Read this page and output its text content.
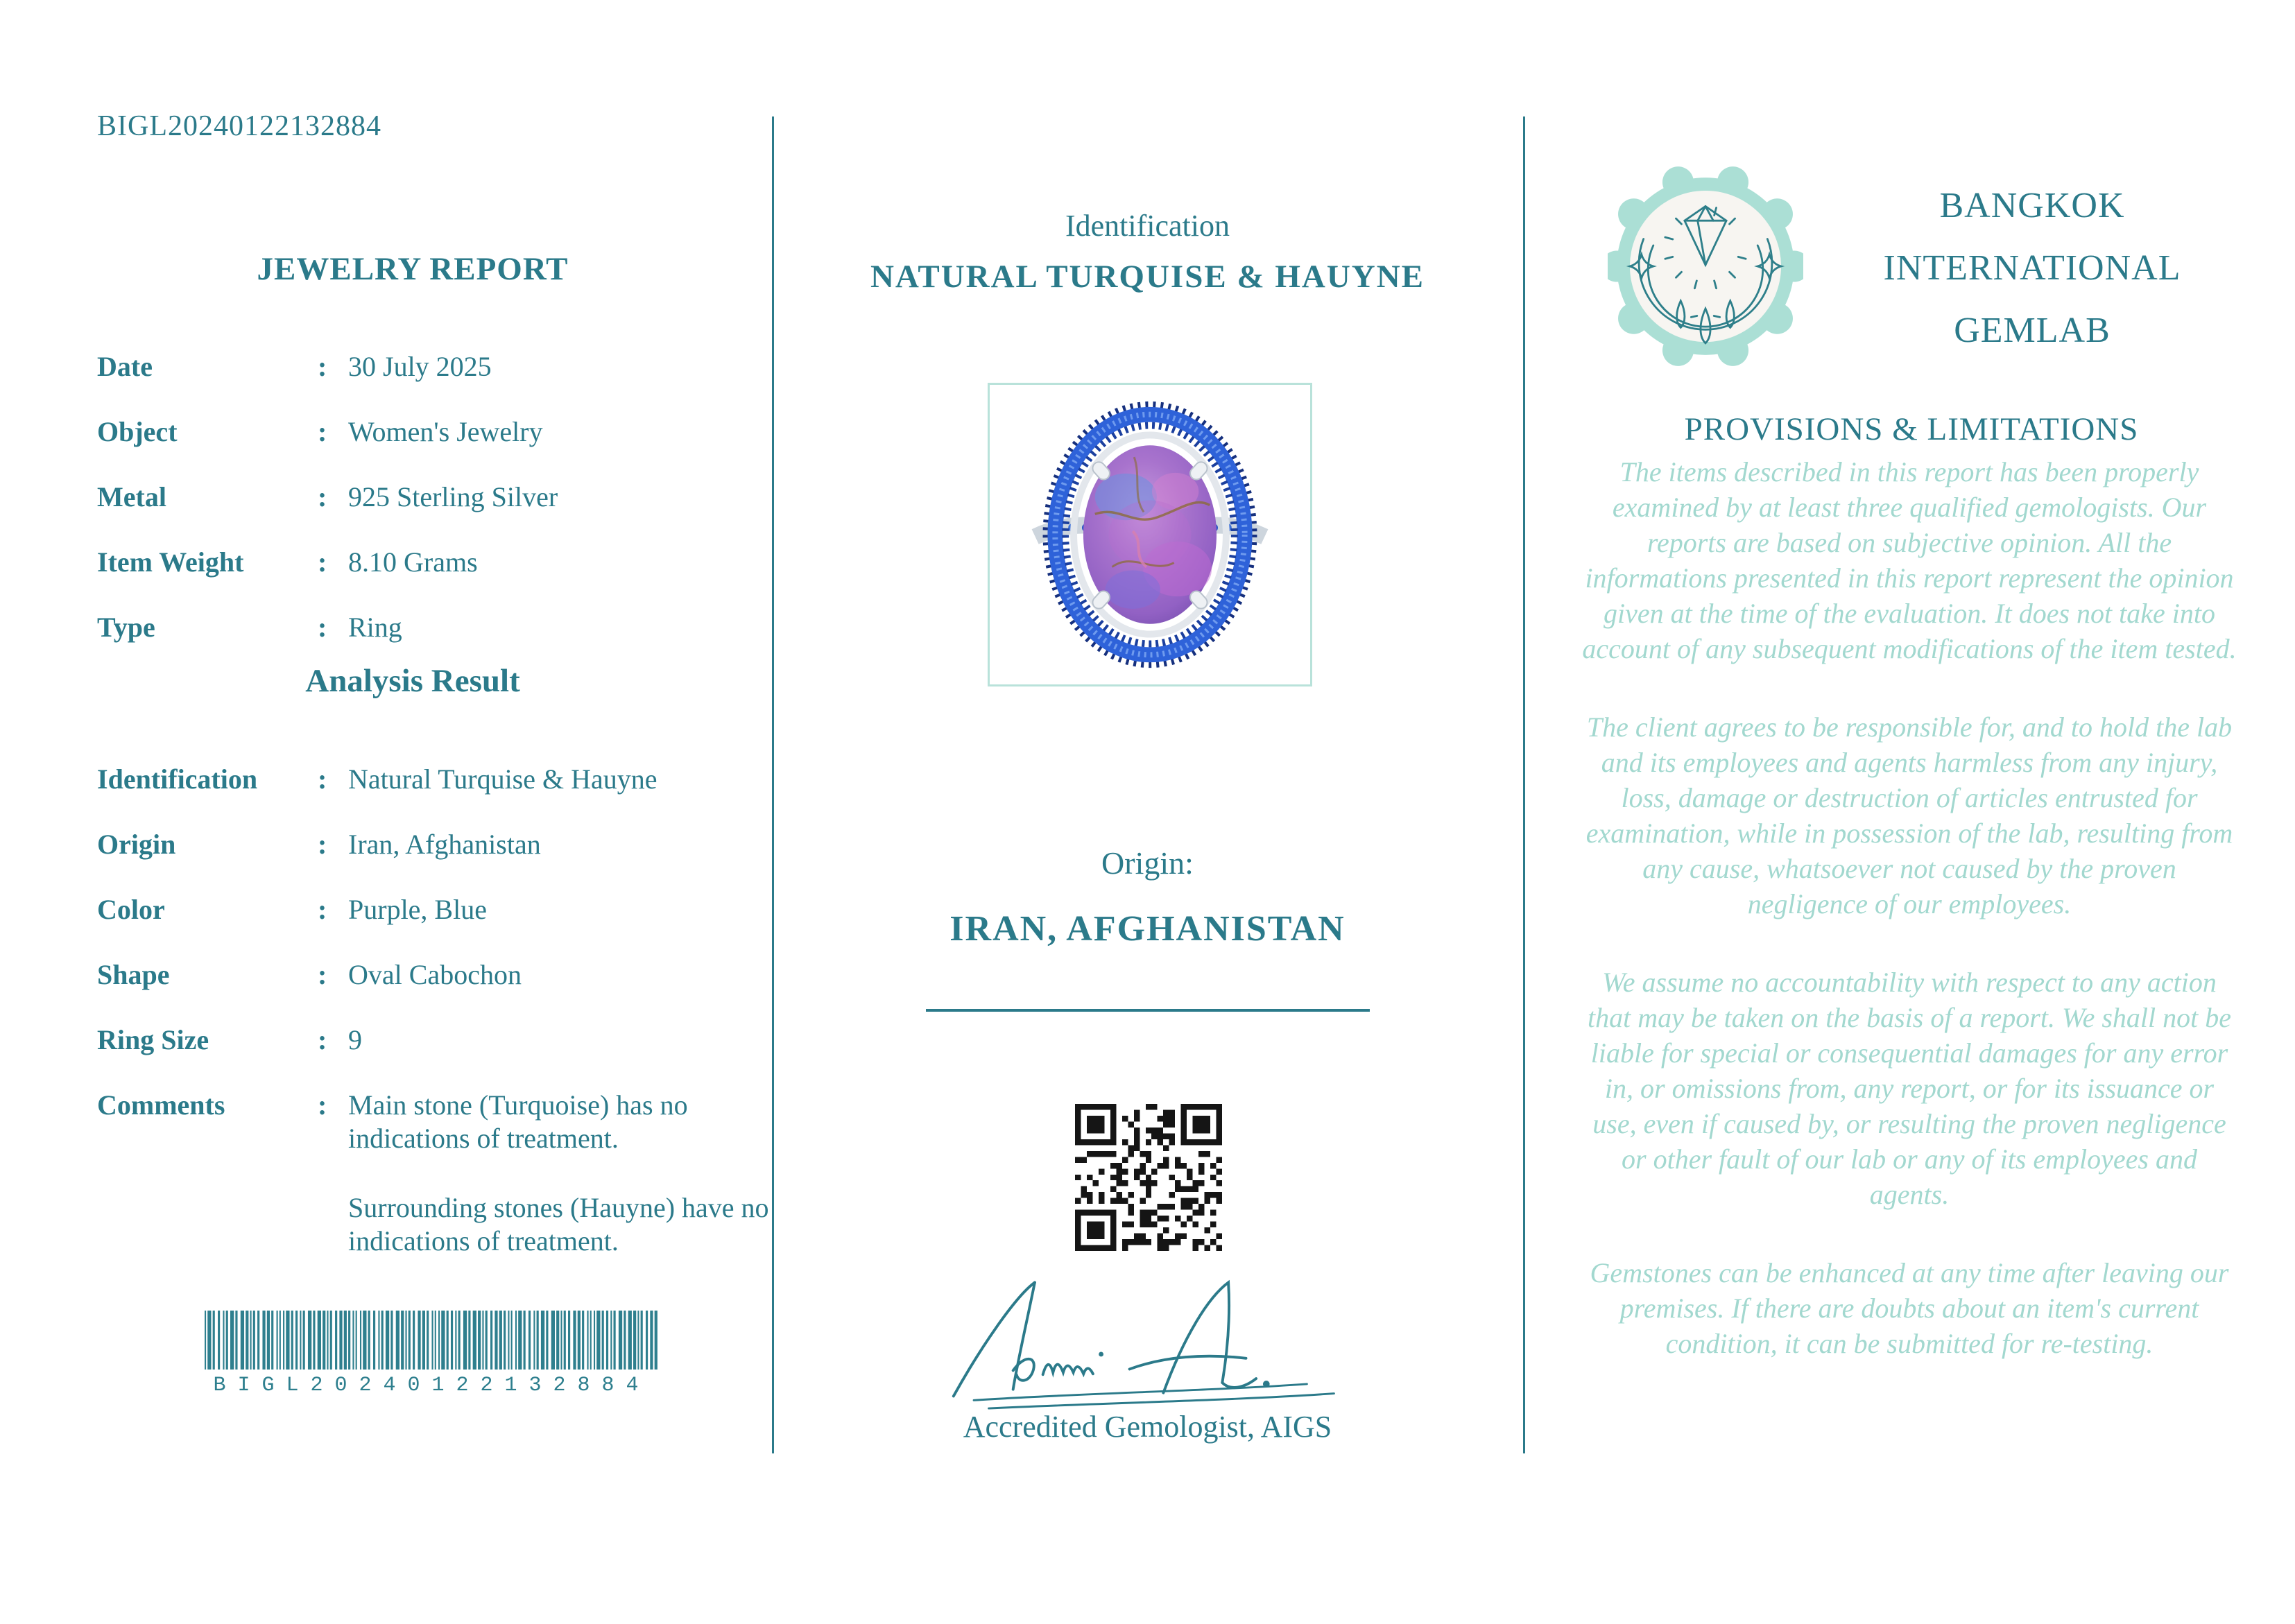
BIGL20240122132884
JEWELRY REPORT
Date	: 30 July 2025
Object	: Women's Jewelry
Metal	: 925 Sterling Silver
Item Weight	: 8.10 Grams
Type	: Ring
Analysis Result
Identification	: Natural Turquise & Hauyne
Origin	: Iran, Afghanistan
Color	: Purple, Blue
Shape	: Oval Cabochon
Ring Size	: 9
Comments	: Main stone (Turquoise) has no indications of treatment.

Surrounding stones (Hauyne) have no indications of treatment.

BIGL20240122132884
Identification
NATURAL TURQUISE & HAUYNE
Origin:
IRAN, AFGHANISTAN
Accredited Gemologist, AIGS
BANGKOK
INTERNATIONAL
GEMLAB
PROVISIONS & LIMITATIONS

The items described in this report has been properly examined by at least three qualified gemologists. Our reports are based on subjective opinion. All the informations presented in this report represent the opinion given at the time of the evaluation. It does not take into account of any subsequent modifications of the item tested.

The client agrees to be responsible for, and to hold the lab and its employees and agents harmless from any injury, loss, damage or destruction of articles entrusted for examination, while in possession of the lab, resulting from any cause, whatsoever not caused by the proven negligence of our employees.

We assume no accountability with respect to any action that may be taken on the basis of a report. We shall not be liable for special or consequential damages for any error in, or omissions from, any report, or for its issuance or use, even if caused by, or resulting the proven negligence or other fault of our lab or any of its employees and agents.

Gemstones can be enhanced at any time after leaving our premises. If there are doubts about an item's current condition, it can be submitted for re-testing.
